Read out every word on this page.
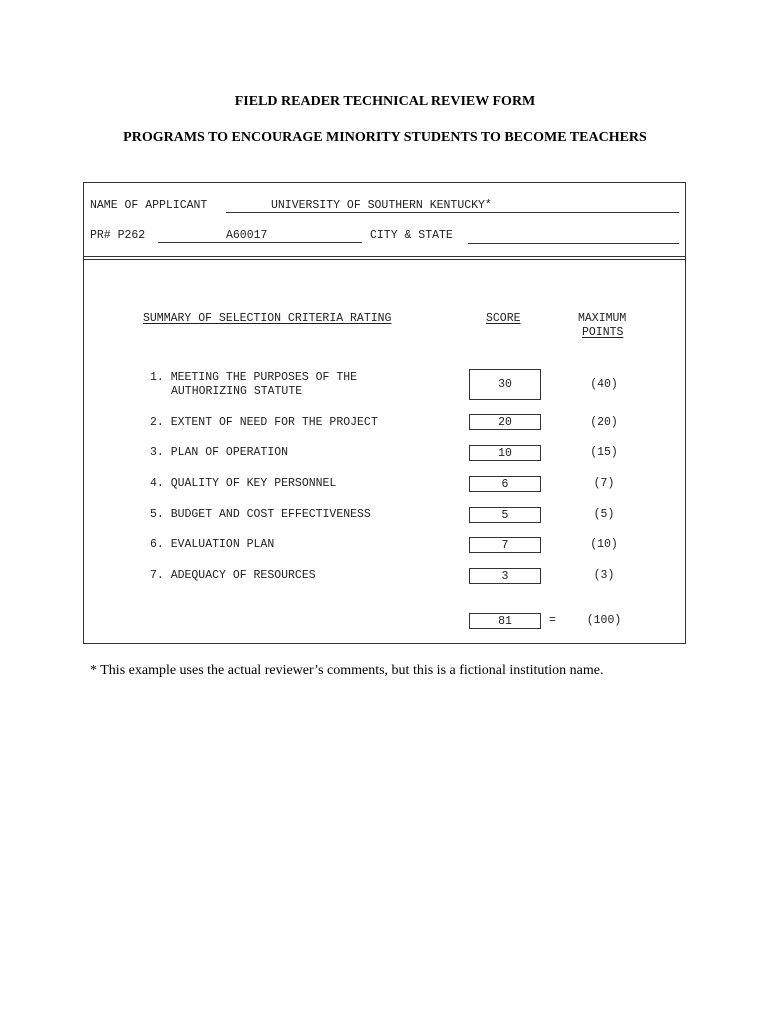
FIELD READER TECHNICAL REVIEW FORM
PROGRAMS TO ENCOURAGE MINORITY STUDENTS TO BECOME TEACHERS
NAME OF APPLICANT	UNIVERSITY OF SOUTHERN KENTUCKY*
PR# P262	A60017	CITY & STATE
SUMMARY OF SELECTION CRITERIA RATING	SCORE	MAXIMUM
POINTS
1. MEETING THE PURPOSES OF THE
AUTHORIZING STATUTE
30	(40)
2. EXTENT OF NEED FOR THE PROJECT	20	(20)
3. PLAN OF OPERATION	10	(15)
4. QUALITY OF KEY PERSONNEL	6	(7)
5. BUDGET AND COST EFFECTIVENESS	5	(5)
6. EVALUATION PLAN	7	(10)
7. ADEQUACY OF RESOURCES	3	(3)
81	=	(100)
* This example uses the actual reviewer’s comments, but this is a fictional institution name.
